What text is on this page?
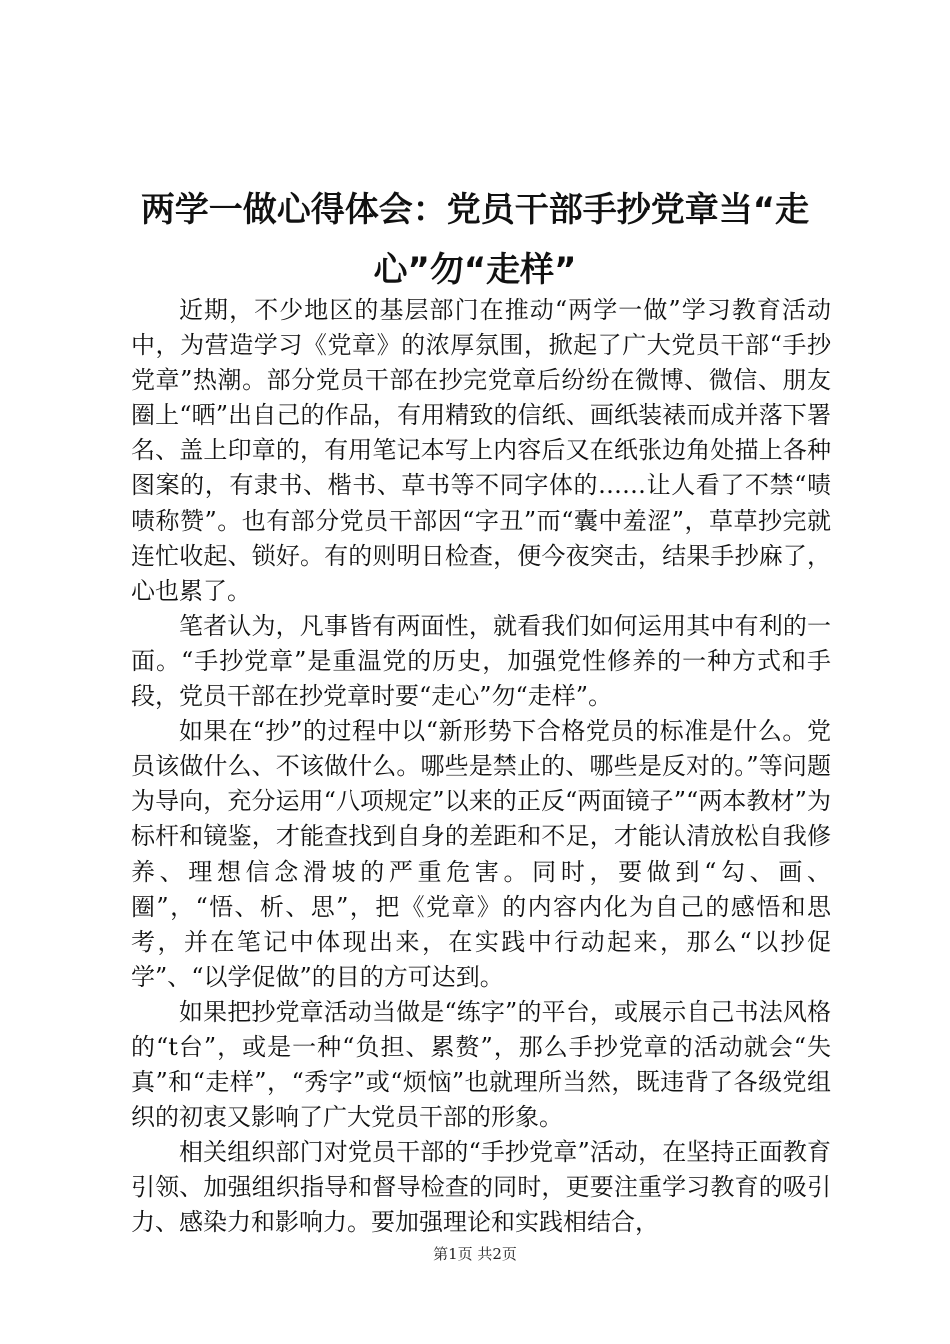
两学一做心得体会：党员干部手抄党章当“走心”勿“走样”

近期，不少地区的基层部门在推动“两学一做”学习教育活动中，为营造学习《党章》的浓厚氛围，掀起了广大党员干部“手抄党章”热潮。部分党员干部在抄完党章后纷纷在微博、微信、朋友圈上“晒”出自己的作品，有用精致的信纸、画纸装裱而成并落下署名、盖上印章的，有用笔记本写上内容后又在纸张边角处描上各种图案的，有隶书、楷书、草书等不同字体的……让人看了不禁“啧啧称赞”。也有部分党员干部因“字丑”而“囊中羞涩”，草草抄完就连忙收起、锁好。有的则明日检查，便今夜突击，结果手抄麻了，心也累了。

笔者认为，凡事皆有两面性，就看我们如何运用其中有利的一面。“手抄党章”是重温党的历史，加强党性修养的一种方式和手段，党员干部在抄党章时要“走心”勿“走样”。

如果在“抄”的过程中以“新形势下合格党员的标准是什么。党员该做什么、不该做什么。哪些是禁止的、哪些是反对的。”等问题为导向，充分运用“八项规定”以来的正反“两面镜子”“两本教材”为标杆和镜鉴，才能查找到自身的差距和不足，才能认清放松自我修养、理想信念滑坡的严重危害。同时，要做到“勾、画、圈”，“悟、析、思”，把《党章》的内容内化为自己的感悟和思考，并在笔记中体现出来，在实践中行动起来，那么“以抄促学”、“以学促做”的目的方可达到。

如果把抄党章活动当做是“练字”的平台，或展示自己书法风格的“t台”，或是一种“负担、累赘”，那么手抄党章的活动就会“失真”和“走样”，“秀字”或“烦恼”也就理所当然，既违背了各级党组织的初衷又影响了广大党员干部的形象。

相关组织部门对党员干部的“手抄党章”活动，在坚持正面教育引领、加强组织指导和督导检查的同时，更要注重学习教育的吸引力、感染力和影响力。要加强理论和实践相结合，

第1页 共2页
